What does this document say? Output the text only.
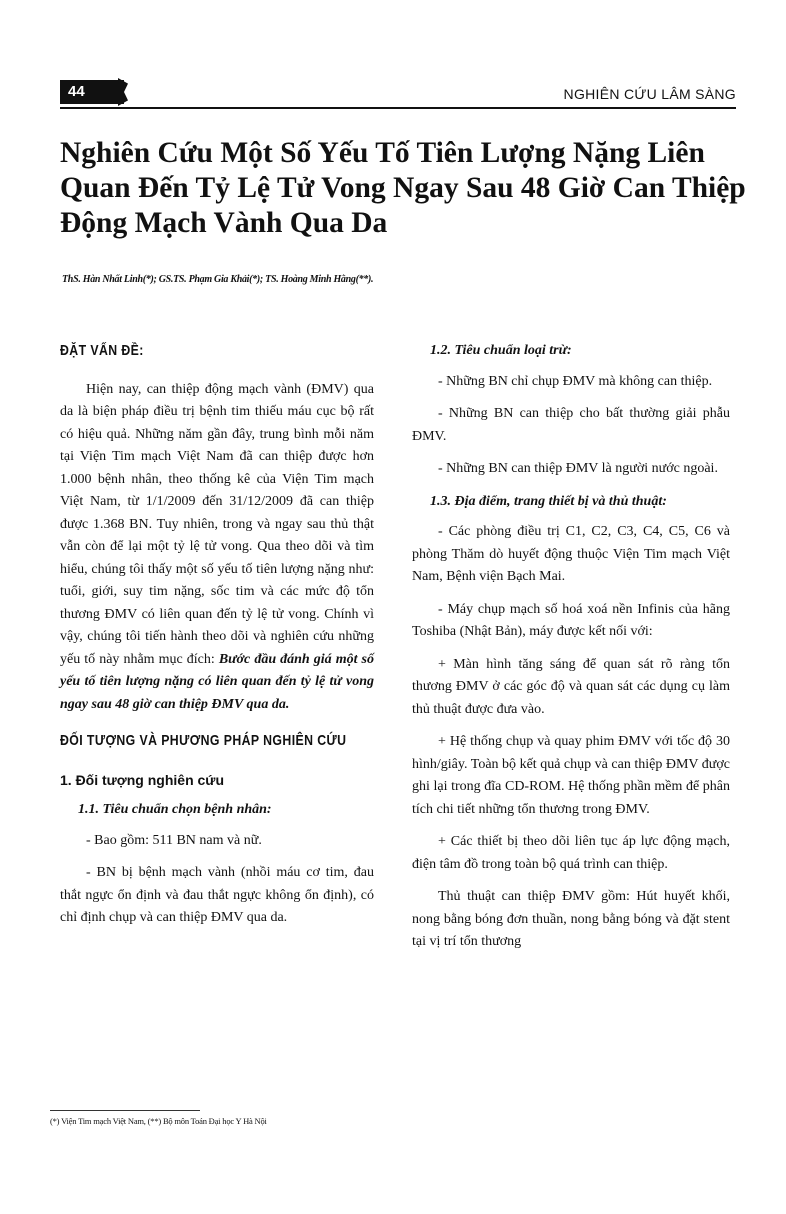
44	NGHIÊN CỨU LÂM SÀNG
Nghiên Cứu Một Số Yếu Tố Tiên Lượng Nặng Liên Quan Đến Tỷ Lệ Tử Vong Ngay Sau 48 Giờ Can Thiệp Động Mạch Vành Qua Da
ThS. Hàn Nhất Linh(*); GS.TS. Phạm Gia Khải(*); TS. Hoàng Minh Hằng(**).
ĐẶT VẤN ĐỀ:

Hiện nay, can thiệp động mạch vành (ĐMV) qua da là biện pháp điều trị bệnh tim thiếu máu cục bộ rất có hiệu quả. Những năm gần đây, trung bình mỗi năm tại Viện Tim mạch Việt Nam đã can thiệp được hơn 1.000 bệnh nhân, theo thống kê của Viện Tim mạch Việt Nam, từ 1/1/2009 đến 31/12/2009 đã can thiệp được 1.368 BN. Tuy nhiên, trong và ngay sau thủ thật vẫn còn để lại một tỷ lệ tử vong. Qua theo dõi và tìm hiểu, chúng tôi thấy một số yếu tố tiên lượng nặng như: tuổi, giới, suy tim nặng, sốc tim và các mức độ tổn thương ĐMV có liên quan đến tỷ lệ tử vong. Chính vì vậy, chúng tôi tiến hành theo dõi và nghiên cứu những yếu tố này nhằm mục đích: Bước đầu đánh giá một số yếu tố tiên lượng nặng có liên quan đến tỷ lệ tử vong ngay sau 48 giờ can thiệp ĐMV qua da.

ĐỐI TƯỢNG VÀ PHƯƠNG PHÁP NGHIÊN CỨU
1. Đối tượng nghiên cứu
1.1. Tiêu chuẩn chọn bệnh nhân:

- Bao gồm: 511 BN nam và nữ.

- BN bị bệnh mạch vành (nhồi máu cơ tim, đau thắt ngực ổn định và đau thắt ngực không ổn định), có chỉ định chụp và can thiệp ĐMV qua da.

1.2. Tiêu chuẩn loại trừ:

- Những BN chỉ chụp ĐMV mà không can thiệp.

- Những BN can thiệp cho bất thường giải phẫu ĐMV.

- Những BN can thiệp ĐMV là người nước ngoài.

1.3. Địa điểm, trang thiết bị và thủ thuật:

- Các phòng điều trị C1, C2, C3, C4, C5, C6 và phòng Thăm dò huyết động thuộc Viện Tim mạch Việt Nam, Bệnh viện Bạch Mai.

- Máy chụp mạch số hoá xoá nền Infinis của hãng Toshiba (Nhật Bản), máy được kết nối với:

+ Màn hình tăng sáng để quan sát rõ ràng tổn thương ĐMV ở các góc độ và quan sát các dụng cụ làm thủ thuật được đưa vào.

+ Hệ thống chụp và quay phim ĐMV với tốc độ 30 hình/giây. Toàn bộ kết quả chụp và can thiệp ĐMV được ghi lại trong đĩa CD-ROM. Hệ thống phần mềm để phân tích chi tiết những tổn thương trong ĐMV.

+ Các thiết bị theo dõi liên tục áp lực động mạch, điện tâm đồ trong toàn bộ quá trình can thiệp.

Thủ thuật can thiệp ĐMV gồm: Hút huyết khối, nong bằng bóng đơn thuần, nong bằng bóng và đặt stent tại vị trí tổn thương

(*) Viện Tim mạch Việt Nam, (**) Bộ môn Toán Đại học Y Hà Nội
